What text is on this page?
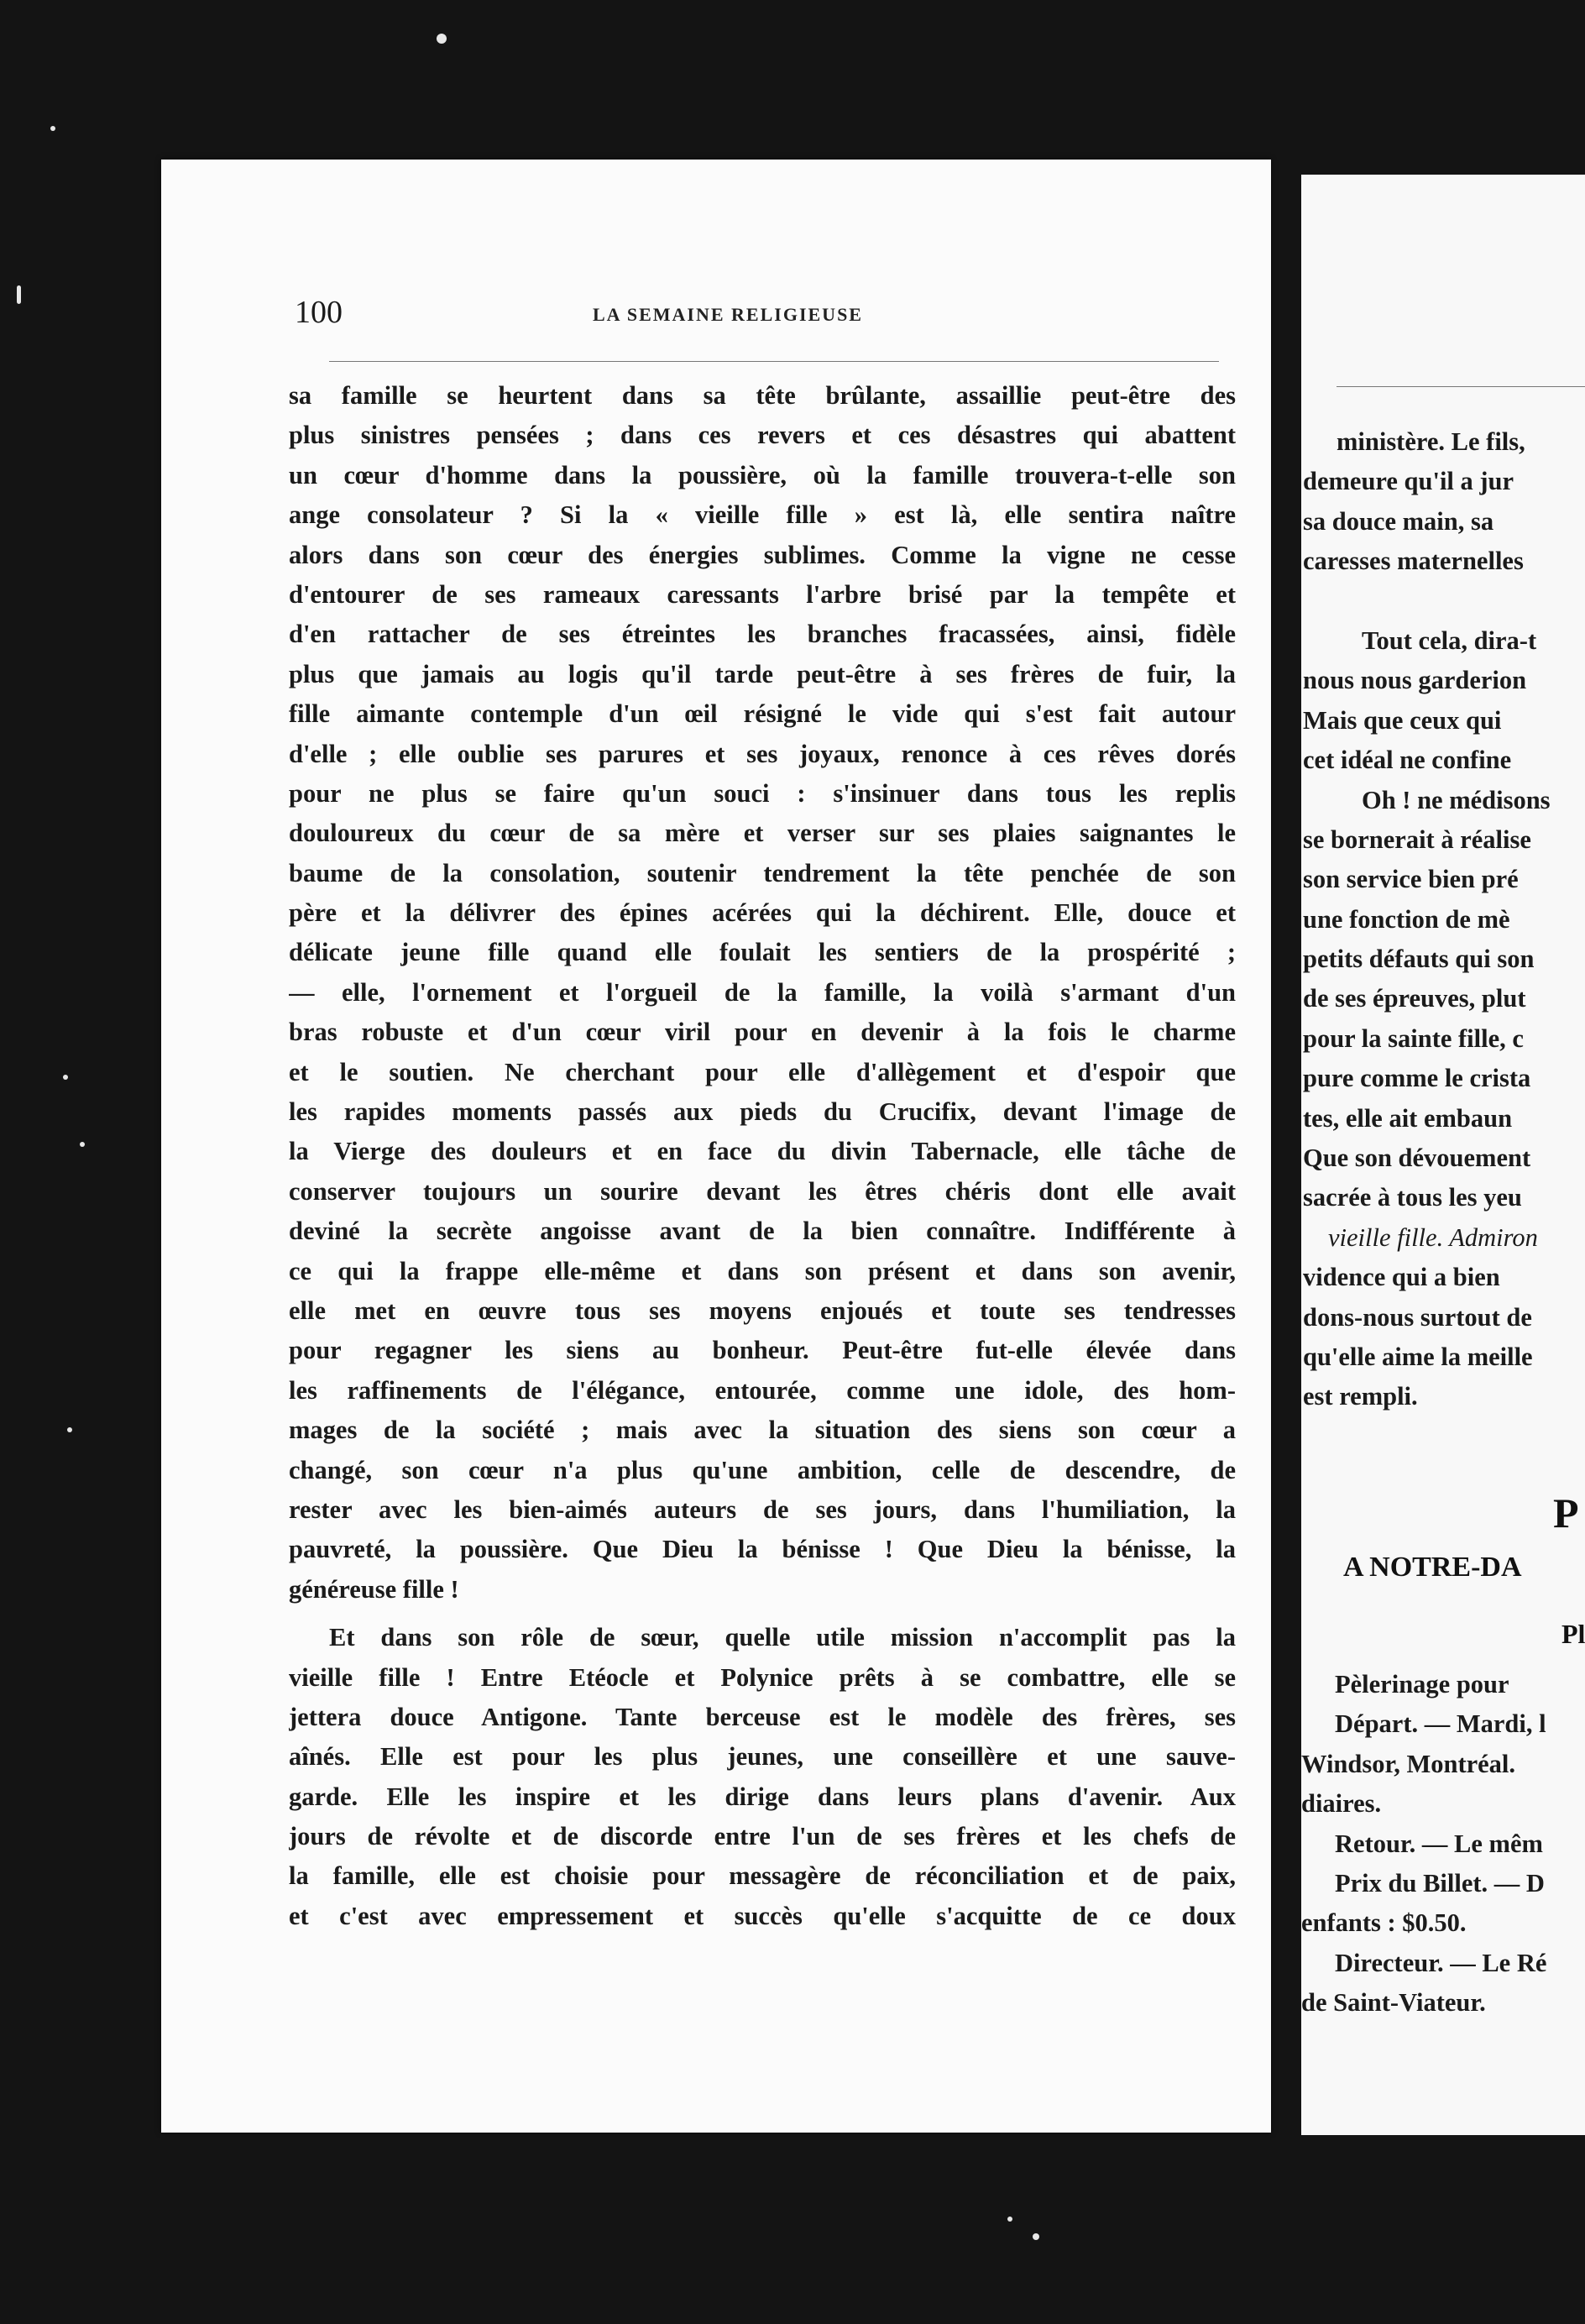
100	LA SEMAINE RELIGIEUSE
sa famille se heurtent dans sa tête brûlante, assaillie peut-être des
plus sinistres pensées ; dans ces revers et ces désastres qui abattent
un cœur d'homme dans la poussière, où la famille trouvera-t-elle son
ange consolateur ? Si la « vieille fille » est là, elle sentira naître
alors dans son cœur des énergies sublimes. Comme la vigne ne cesse
d'entourer de ses rameaux caressants l'arbre brisé par la tempête et
d'en rattacher de ses étreintes les branches fracassées, ainsi, fidèle
plus que jamais au logis qu'il tarde peut-être à ses frères de fuir, la
fille aimante contemple d'un œil résigné le vide qui s'est fait autour
d'elle ; elle oublie ses parures et ses joyaux, renonce à ces rêves dorés
pour ne plus se faire qu'un souci : s'insinuer dans tous les replis
douloureux du cœur de sa mère et verser sur ses plaies saignantes le
baume de la consolation, soutenir tendrement la tête penchée de son
père et la délivrer des épines acérées qui la déchirent. Elle, douce et
délicate jeune fille quand elle foulait les sentiers de la prospérité ;
— elle, l'ornement et l'orgueil de la famille, la voilà s'armant d'un
bras robuste et d'un cœur viril pour en devenir à la fois le charme
et le soutien. Ne cherchant pour elle d'allègement et d'espoir que
les rapides moments passés aux pieds du Crucifix, devant l'image de
la Vierge des douleurs et en face du divin Tabernacle, elle tâche de
conserver toujours un sourire devant les êtres chéris dont elle avait
deviné la secrète angoisse avant de la bien connaître. Indifférente à
ce qui la frappe elle-même et dans son présent et dans son avenir,
elle met en œuvre tous ses moyens enjoués et toute ses tendresses
pour regagner les siens au bonheur. Peut-être fut-elle élevée dans
les raffinements de l'élégance, entourée, comme une idole, des hom-
mages de la société ; mais avec la situation des siens son cœur a
changé, son cœur n'a plus qu'une ambition, celle de descendre, de
rester avec les bien-aimés auteurs de ses jours, dans l'humiliation, la
pauvreté, la poussière. Que Dieu la bénisse ! Que Dieu la bénisse, la
généreuse fille !
Et dans son rôle de sœur, quelle utile mission n'accomplit pas la
vieille fille ! Entre Etéocle et Polynice prêts à se combattre, elle se
jettera douce Antigone. Tante berceuse est le modèle des frères, ses
aînés. Elle est pour les plus jeunes, une conseillère et une sauve-
garde. Elle les inspire et les dirige dans leurs plans d'avenir. Aux
jours de révolte et de discorde entre l'un de ses frères et les chefs de
la famille, elle est choisie pour messagère de réconciliation et de paix,
et c'est avec empressement et succès qu'elle s'acquitte de ce doux
ministère. Le fils,
demeure qu'il a jur
sa douce main, sa
caresses maternelles
Tout cela, dira-t
nous nous garderion
Mais que ceux qui
cet idéal ne confine
Oh ! ne médisons
se bornerait à réalise
son service bien pré
une fonction de mè
petits défauts qui son
de ses épreuves, plut
pour la sainte fille, c
pure comme le crista
tes, elle ait embaun
Que son dévouement
sacrée à tous les yeu
vieille fille. Admiron
vidence qui a bien
dons-nous surtout de
qu'elle aime la meille
est rempli.
P
A NOTRE-DA
Pl
Pèlerinage pour
Départ. — Mardi, l
Windsor, Montréal.
diaires.
Retour. — Le mêm
Prix du Billet. — D
enfants : $0.50.
Directeur. — Le Ré
de Saint-Viateur.
